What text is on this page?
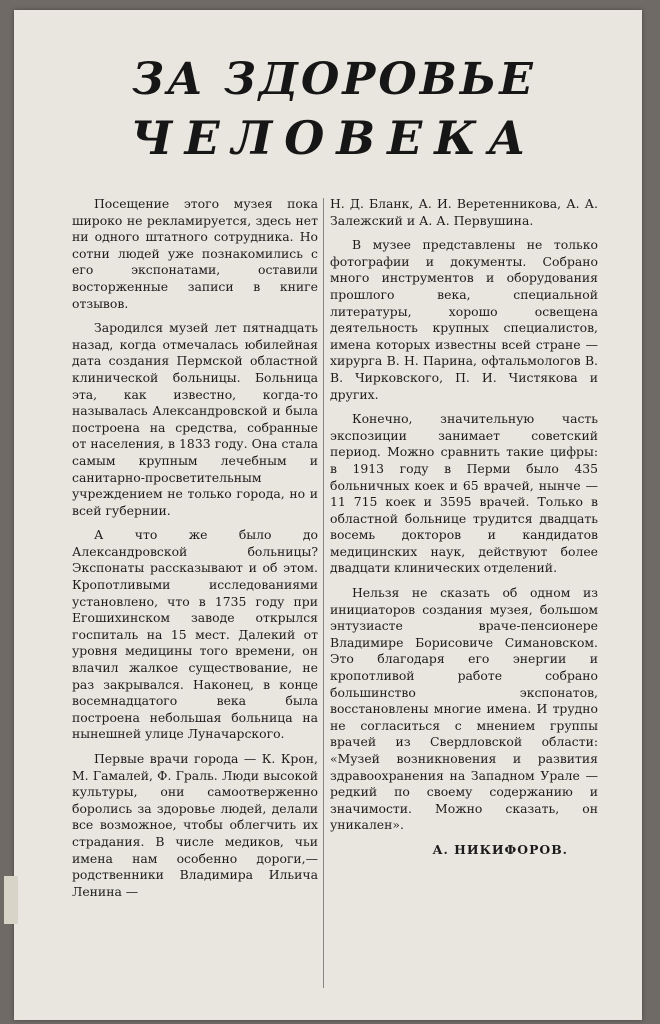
ЗА ЗДОРОВЬЕ
ЧЕЛОВЕКА

Посещение этого музея пока широко не рекламируется, здесь нет ни одного штатного сотрудника. Но сотни людей уже познакомились с его экспонатами, оставили восторженные записи в книге отзывов.

Зародился музей лет пятнадцать назад, когда отмечалась юбилейная дата создания Пермской областной клинической больницы. Больница эта, как известно, когда-то называлась Александровской и была построена на средства, собранные от населения, в 1833 году. Она стала самым крупным лечебным и санитарно-просветительным учреждением не только города, но и всей губернии.

А что же было до Александровской больницы? Экспонаты рассказывают и об этом. Кропотливыми исследованиями установлено, что в 1735 году при Егошихинском заводе открылся госпиталь на 15 мест. Далекий от уровня медицины того времени, он влачил жалкое существование, не раз закрывался. Наконец, в конце восемнадцатого века была построена небольшая больница на нынешней улице Луначарского.

Первые врачи города — К. Крон, М. Гамалей, Ф. Граль. Люди высокой культуры, они самоотверженно боролись за здоровье людей, делали все возможное, чтобы облегчить их страдания. В числе медиков, чьи имена нам особенно дороги,— родственники Владимира Ильича Ленина —

Н. Д. Бланк, А. И. Веретенникова, А. А. Залежский и А. А. Первушина.

В музее представлены не только фотографии и документы. Собрано много инструментов и оборудования прошлого века, специальной литературы, хорошо освещена деятельность крупных специалистов, имена которых известны всей стране — хирурга В. Н. Парина, офтальмологов В. В. Чирковского, П. И. Чистякова и других.

Конечно, значительную часть экспозиции занимает советский период. Можно сравнить такие цифры: в 1913 году в Перми было 435 больничных коек и 65 врачей, нынче — 11 715 коек и 3595 врачей. Только в областной больнице трудится двадцать восемь докторов и кандидатов медицинских наук, действуют более двадцати клинических отделений.

Нельзя не сказать об одном из инициаторов создания музея, большом энтузиасте враче-пенсионере Владимире Борисовиче Симановском. Это благодаря его энергии и кропотливой работе собрано большинство экспонатов, восстановлены многие имена. И трудно не согласиться с мнением группы врачей из Свердловской области: «Музей возникновения и развития здравоохранения на Западном Урале — редкий по своему содержанию и значимости. Можно сказать, он уникален».

А. НИКИФОРОВ.
